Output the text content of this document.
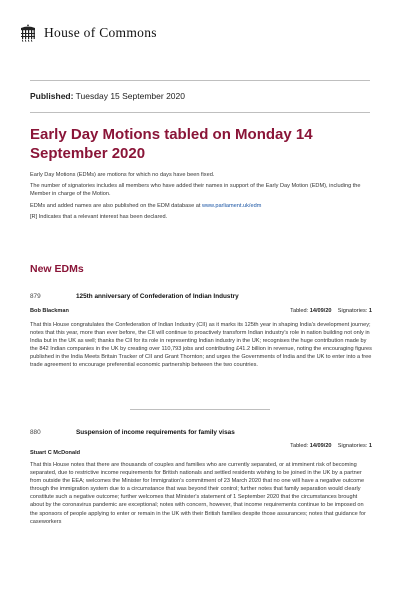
House of Commons
Published: Tuesday 15 September 2020
Early Day Motions tabled on Monday 14 September 2020

Early Day Motions (EDMs) are motions for which no days have been fixed.

The number of signatories includes all members who have added their names in support of the Early Day Motion (EDM), including the Member in charge of the Motion.

EDMs and added names are also published on the EDM database at www.parliament.uk/edm

[R] Indicates that a relevant interest has been declared.

New EDMs
879	125th anniversary of Confederation of Indian Industry
Bob Blackman	Tabled: 14/09/20 Signatories: 1
That this House congratulates the Confederation of Indian Industry (CII) as it marks its 125th year in shaping India's development journey; notes that this year, more than ever before, the CII will continue to proactively transform Indian industry's role in nation building not only in India but in the UK as well; thanks the CII for its role in representing Indian industry in the UK; recognises the huge contribution made by the 842 Indian companies in the UK by creating over 110,793 jobs and contributing £41.2 billion in revenue, noting the encouraging figures published in the India Meets Britain Tracker of CII and Grant Thornton; and urges the Governments of India and the UK to enter into a free trade agreement to encourage preferential economic partnership between the two countries.
880	Suspension of income requirements for family visas
Stuart C McDonald
Tabled: 14/09/20 Signatories: 1
That this House notes that there are thousands of couples and families who are currently separated, or at imminent risk of becoming separated, due to restrictive income requirements for British nationals and settled residents wishing to be joined in the UK by a partner from outside the EEA; welcomes the Minister for Immigration's commitment of 23 March 2020 that no one will have a negative outcome through the immigration system due to a circumstance that was beyond their control; further notes that family separation would clearly constitute such a negative outcome; further welcomes that Minister's statement of 1 September 2020 that the circumstances brought about by the coronavirus pandemic are exceptional; notes with concern, however, that income requirements continue to be imposed on the sponsors of people applying to enter or remain in the UK with their British families despite those assurances; notes that guidance for caseworkers
